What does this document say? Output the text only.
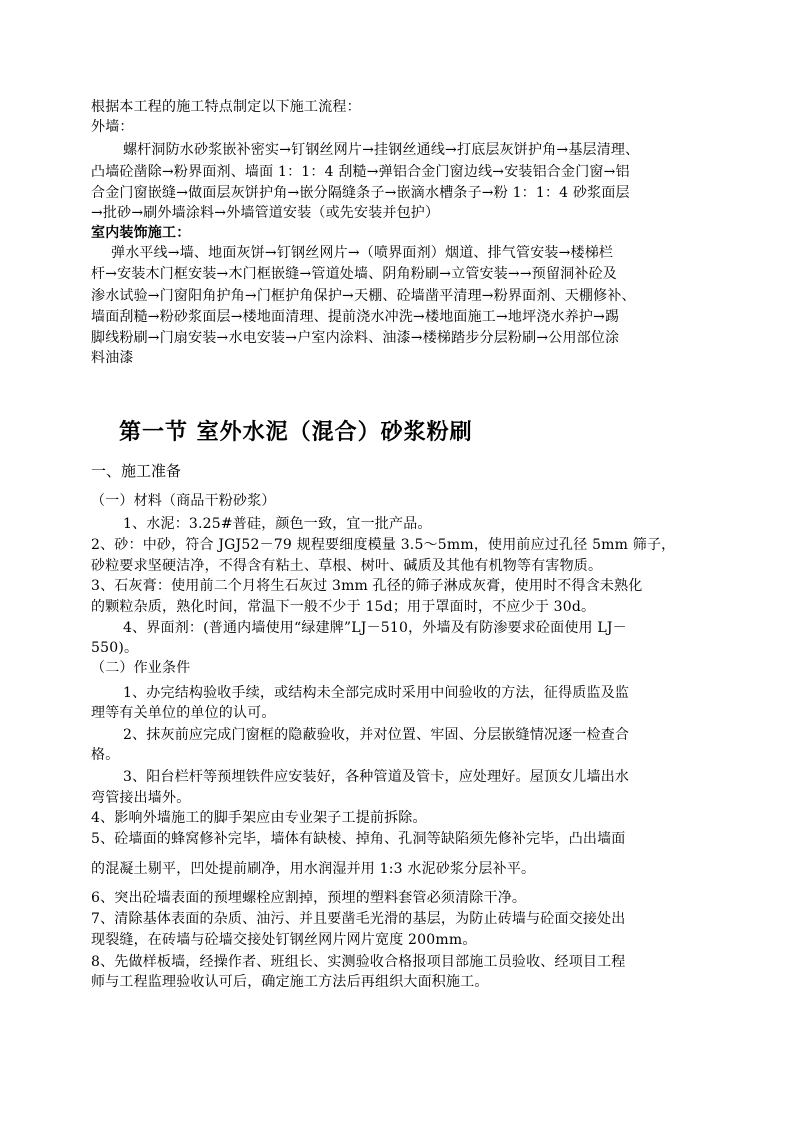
根据本工程的施工特点制定以下施工流程：
外墙：
螺杆洞防水砂浆嵌补密实→钉钢丝网片→挂钢丝通线→打底层灰饼护角→基层清理、
凸墙砼凿除→粉界面剂、墙面 1：1：4 刮糙→弹铝合金门窗边线→安装铝合金门窗→铝
合金门窗嵌缝→做面层灰饼护角→嵌分隔缝条子→嵌滴水槽条子→粉 1：1：4 砂浆面层
→批砂→刷外墙涂料→外墙管道安装（或先安装并包护）
室内装饰施工：
弹水平线→墙、地面灰饼→钉钢丝网片→（喷界面剂）烟道、排气管安装→楼梯栏
杆→安装木门框安装→木门框嵌缝→管道处墙、阴角粉刷→立管安装→→预留洞补砼及
渗水试验→门窗阳角护角→门框护角保护→天棚、砼墙凿平清理→粉界面剂、天棚修补、
墙面刮糙→粉砂浆面层→楼地面清理、提前浇水冲洗→楼地面施工→地坪浇水养护→踢
脚线粉刷→门扇安装→水电安装→户室内涂料、油漆→楼梯踏步分层粉刷→公用部位涂
料油漆
第一节 室外水泥（混合）砂浆粉刷
一、施工准备
（一）材料（商品干粉砂浆）
1、水泥：3.25#普硅，颜色一致，宜一批产品。
2、砂：中砂，符合 JGJ52－79 规程要细度模量 3.5～5mm，使用前应过孔径 5mm 筛子，
砂粒要求坚硬洁净，不得含有粘土、草根、树叶、碱质及其他有机物等有害物质。
3、石灰膏：使用前二个月将生石灰过 3mm 孔径的筛子淋成灰膏，使用时不得含未熟化
的颗粒杂质，熟化时间，常温下一般不少于 15d；用于罩面时，不应少于 30d。
4、界面剂：(普通内墙使用“绿建牌”LJ－510，外墙及有防渗要求砼面使用 LJ－
550)。
（二）作业条件
1、办完结构验收手续，或结构未全部完成时采用中间验收的方法，征得质监及监
理等有关单位的单位的认可。
2、抹灰前应完成门窗框的隐蔽验收，并对位置、牢固、分层嵌缝情况逐一检查合
格。
3、阳台栏杆等预埋铁件应安装好，各种管道及管卡，应处理好。屋顶女儿墙出水
弯管接出墙外。
4、影响外墙施工的脚手架应由专业架子工提前拆除。
5、砼墙面的蜂窝修补完毕，墙体有缺棱、掉角、孔洞等缺陷须先修补完毕，凸出墙面
的混凝土剔平，凹处提前刷净，用水润湿并用 1:3 水泥砂浆分层补平。
6、突出砼墙表面的预埋螺栓应割掉，预埋的塑料套管必须清除干净。
7、清除基体表面的杂质、油污、并且要凿毛光滑的基层，为防止砖墙与砼面交接处出
现裂缝，在砖墙与砼墙交接处钉钢丝网片网片宽度 200mm。
8、先做样板墙，经操作者、班组长、实测验收合格报项目部施工员验收、经项目工程
师与工程监理验收认可后，确定施工方法后再组织大面积施工。
